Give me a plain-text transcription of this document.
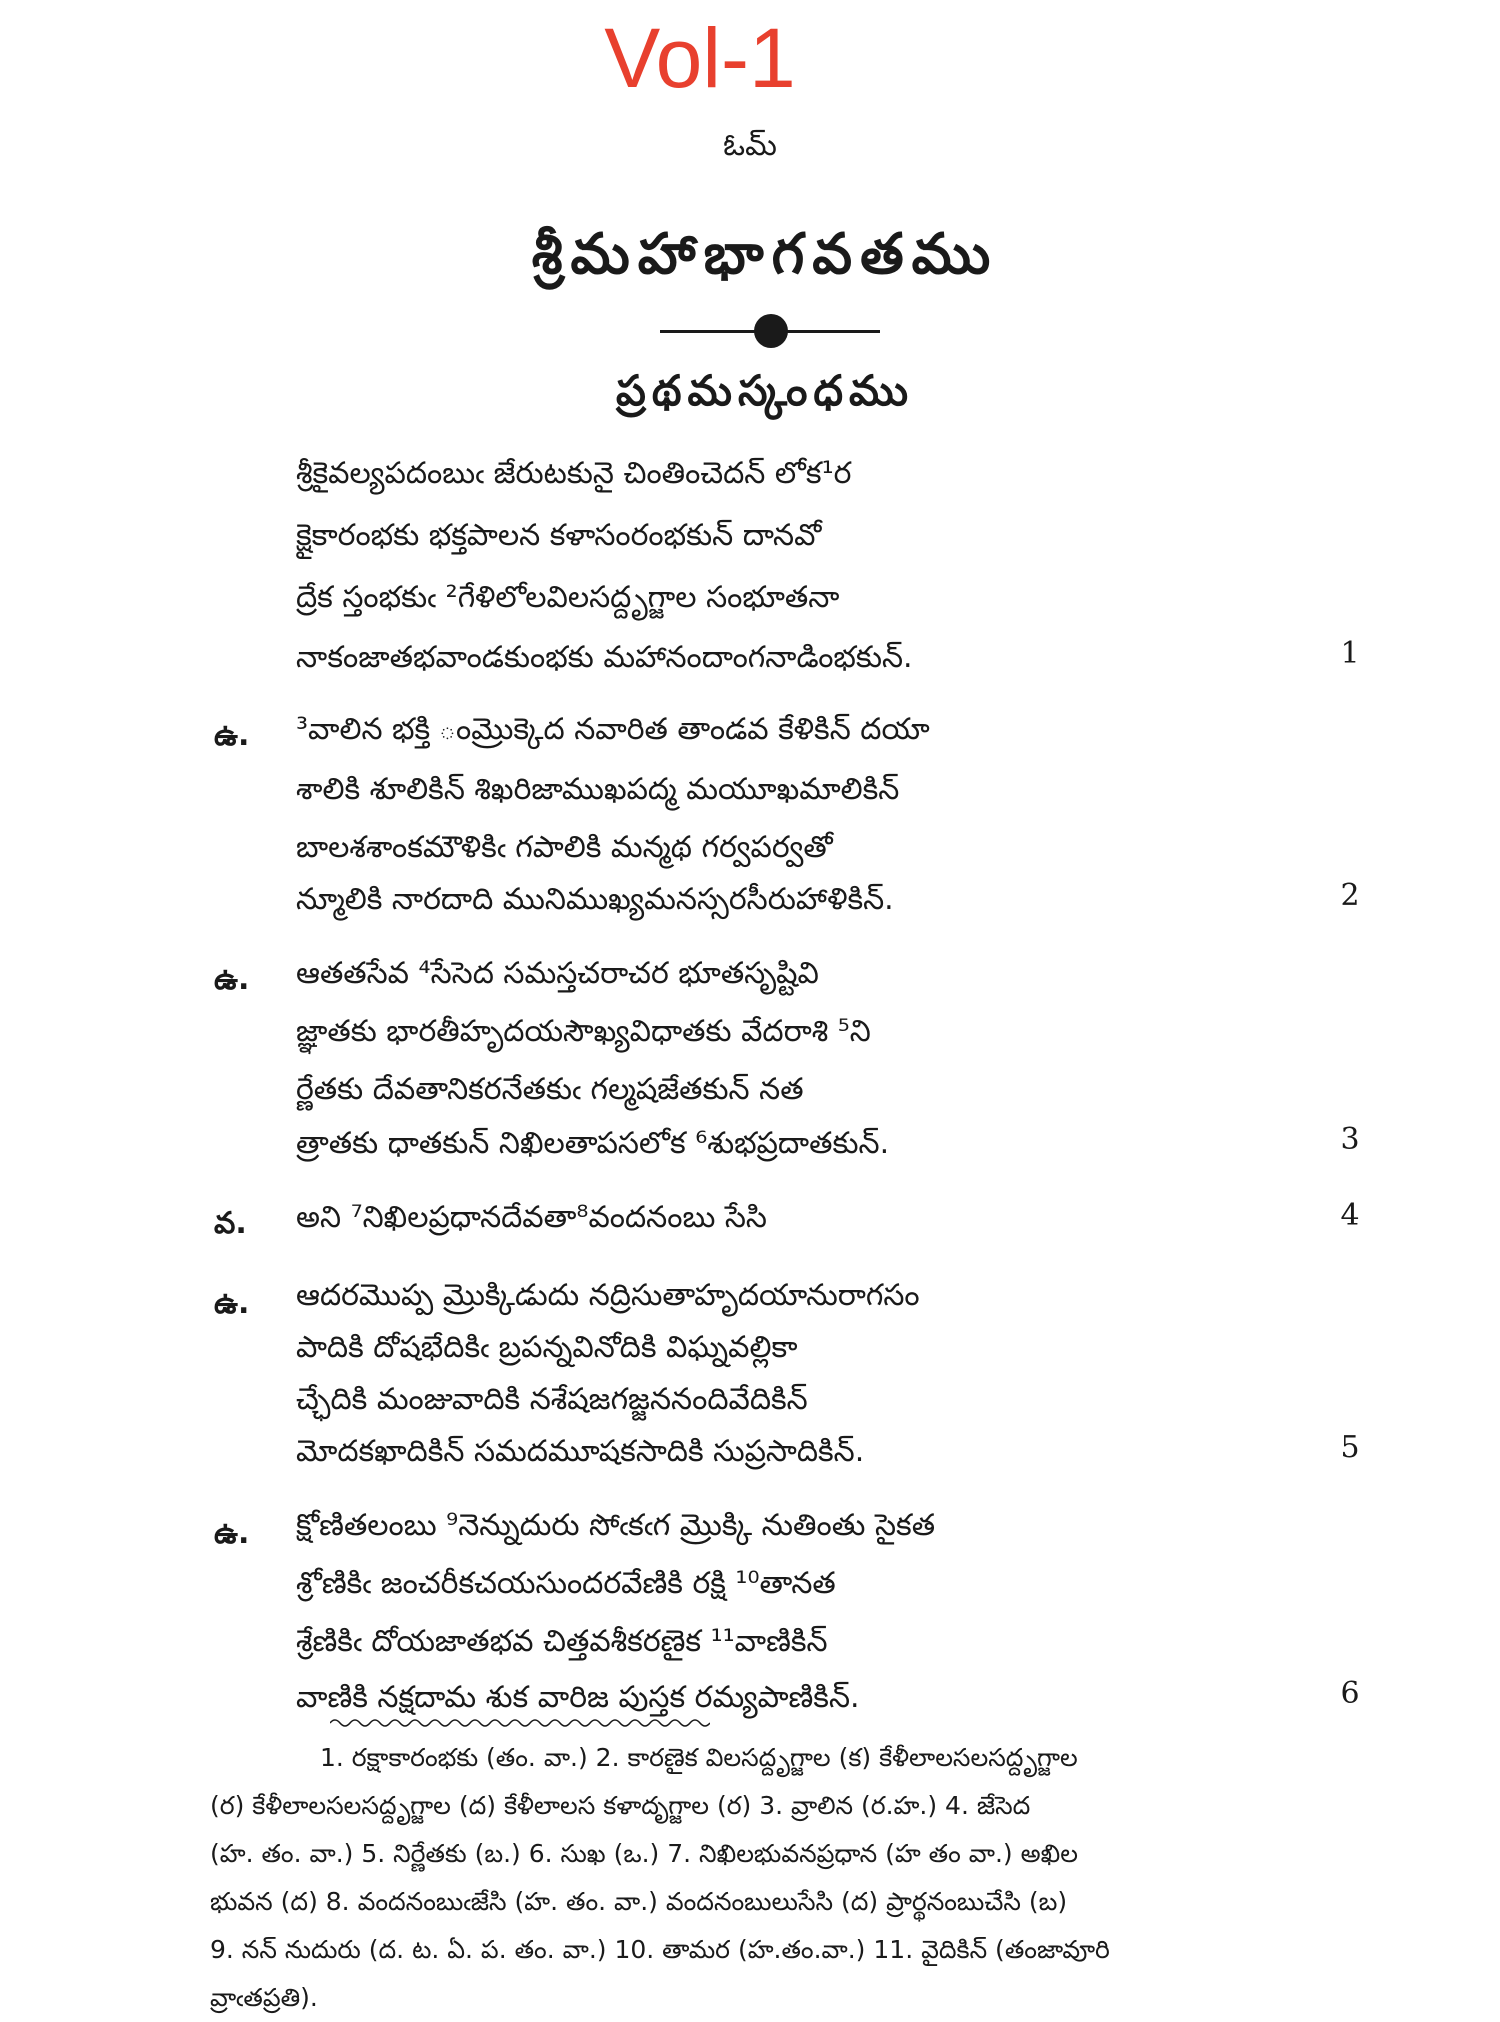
Vol-1
ఓమ్
శ్రీమహాభాగవతము
ప్రథమస్కంధము
శ్రీకైవల్యపదంబుఁ జేరుటకునై చింతించెదన్ లోక¹ర
క్షైకారంభకు భక్తపాలన కళాసంరంభకున్ దానవో
ద్రేక స్తంభకుఁ ²గేళిలోలవిలసద్దృగ్జాల సంభూతనా
నాకంజాతభవాండకుంభకు మహానందాంగనాడింభకున్.	1
ఉ. ³వాలిన భక్తి ంమ్రొక్కెద నవారిత తాండవ కేళికిన్ దయా
శాలికి శూలికిన్ శిఖరిజాముఖపద్మ మయూఖమాలికిన్
బాలశశాంకమౌళికిఁ గపాలికి మన్మథ గర్వపర్వతో
న్మూలికి నారదాది మునిముఖ్యమనస్సరసీరుహాళికిన్.	2
ఉ. ఆతతసేవ ⁴సేసెద సమస్తచరాచర భూతసృష్టివి
జ్ఞాతకు భారతీహృదయసౌఖ్యవిధాతకు వేదరాశి ⁵ని
ర్ణేతకు దేవతానికరనేతకుఁ గల్మషజేతకున్ నత
త్రాతకు ధాతకున్ నిఖిలతాపసలోక ⁶శుభప్రదాతకున్.	3
వ. అని ⁷నిఖిలప్రధానదేవతా⁸వందనంబు సేసి	4
ఉ. ఆదరమొప్ప మ్రొక్కిడుదు నద్రిసుతాహృదయానురాగసం
పాదికి దోషభేదికిఁ బ్రపన్నవినోదికి విఘ్నవల్లికా
చ్ఛేదికి మంజువాదికి నశేషజగజ్జననందివేదికిన్
మోదకఖాదికిన్ సమదమూషకసాదికి సుప్రసాదికిన్.	5
ఉ. క్షోణితలంబు ⁹నెన్నుదురు సోఁకఁగ మ్రొక్కి నుతింతు సైకత
శ్రోణికిఁ జంచరీకచయసుందరవేణికి రక్షి ¹⁰తానత
శ్రేణికిఁ దోయజాతభవ చిత్తవశీకరణైక ¹¹వాణికిన్
వాణికి నక్షదామ శుక వారిజ పుస్తక రమ్యపాణికిన్.	6

1. రక్షాకారంభకు (తం. వా.) 2. కారణైక విలసద్దృగ్జాల (క) కేళీలాలసలసద్దృగ్జాల

(ర) కేళీలాలసలసద్దృగ్జాల (ద) కేళీలాలస కళాదృగ్జాల (ర) 3. వ్రాలిన (ర.హ.) 4. జేసెద

(హ. తం. వా.) 5. నిర్ణేతకు (బ.) 6. సుఖ (ఒ.) 7. నిఖిలభువనప్రధాన (హ తం వా.) అఖిల

భువన (ద) 8. వందనంబుఁజేసి (హ. తం. వా.) వందనంబులుసేసి (ద) ప్రార్థనంబుచేసి (బ)

9. నన్ నుదురు (ద. ట. ఏ. ప. తం. వా.) 10. తామర (హ.తం.వా.) 11. వైదికిన్ (తంజావూరి

వ్రాఁతప్రతి).
